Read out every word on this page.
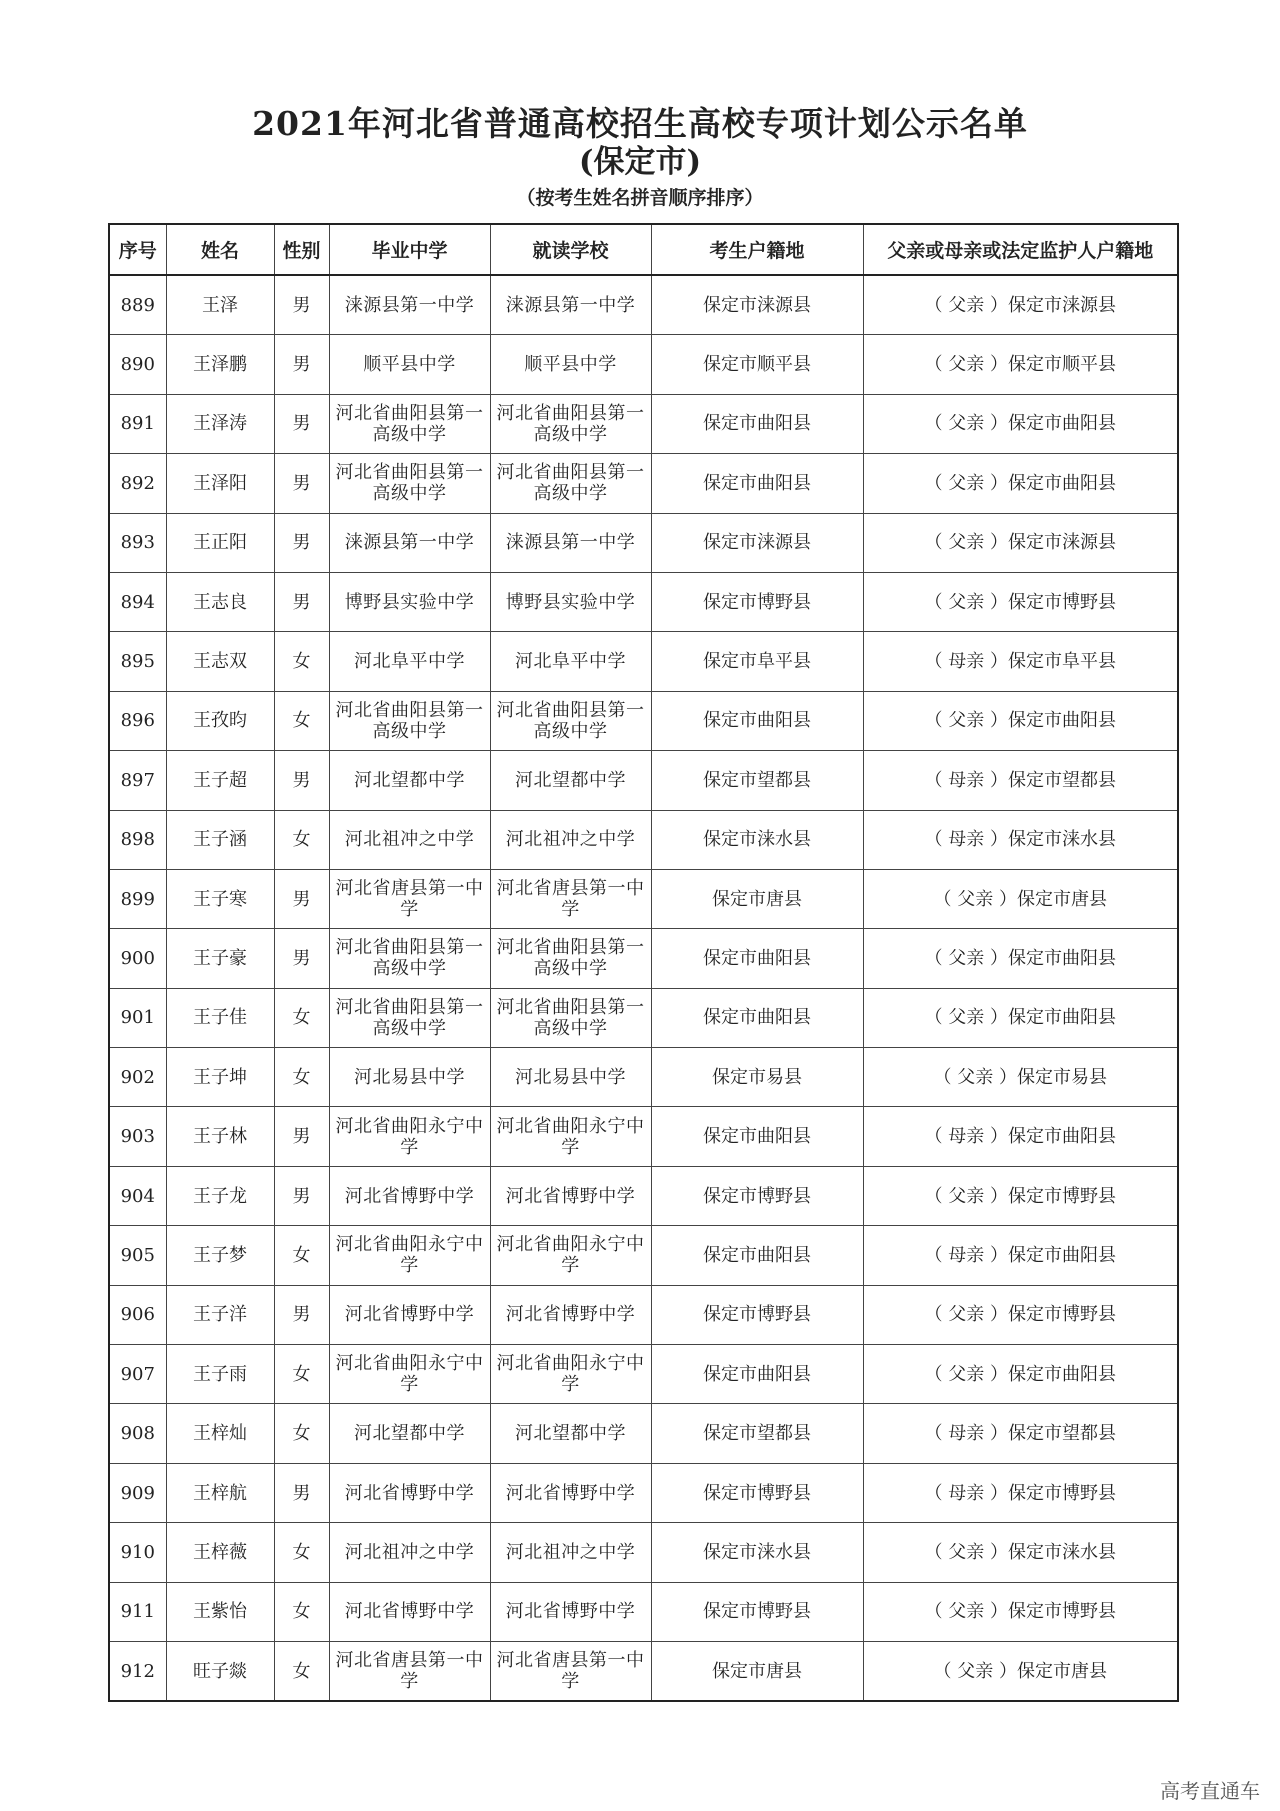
2021年河北省普通高校招生高校专项计划公示名单
(保定市)
（按考生姓名拼音顺序排序）
序号	姓名	性别	毕业中学	就读学校	考生户籍地	父亲或母亲或法定监护人户籍地
889	王泽	男	涞源县第一中学	涞源县第一中学	保定市涞源县	（ 父亲 ）保定市涞源县
890	王泽鹏	男	顺平县中学	顺平县中学	保定市顺平县	（ 父亲 ）保定市顺平县
891	王泽涛	男	河北省曲阳县第一高级中学	河北省曲阳县第一高级中学	保定市曲阳县	（ 父亲 ）保定市曲阳县
892	王泽阳	男	河北省曲阳县第一高级中学	河北省曲阳县第一高级中学	保定市曲阳县	（ 父亲 ）保定市曲阳县
893	王正阳	男	涞源县第一中学	涞源县第一中学	保定市涞源县	（ 父亲 ）保定市涞源县
894	王志良	男	博野县实验中学	博野县实验中学	保定市博野县	（ 父亲 ）保定市博野县
895	王志双	女	河北阜平中学	河北阜平中学	保定市阜平县	（ 母亲 ）保定市阜平县
896	王孜昀	女	河北省曲阳县第一高级中学	河北省曲阳县第一高级中学	保定市曲阳县	（ 父亲 ）保定市曲阳县
897	王子超	男	河北望都中学	河北望都中学	保定市望都县	（ 母亲 ）保定市望都县
898	王子涵	女	河北祖冲之中学	河北祖冲之中学	保定市涞水县	（ 母亲 ）保定市涞水县
899	王子寒	男	河北省唐县第一中学	河北省唐县第一中学	保定市唐县	（ 父亲 ）保定市唐县
900	王子豪	男	河北省曲阳县第一高级中学	河北省曲阳县第一高级中学	保定市曲阳县	（ 父亲 ）保定市曲阳县
901	王子佳	女	河北省曲阳县第一高级中学	河北省曲阳县第一高级中学	保定市曲阳县	（ 父亲 ）保定市曲阳县
902	王子坤	女	河北易县中学	河北易县中学	保定市易县	（ 父亲 ）保定市易县
903	王子林	男	河北省曲阳永宁中学	河北省曲阳永宁中学	保定市曲阳县	（ 母亲 ）保定市曲阳县
904	王子龙	男	河北省博野中学	河北省博野中学	保定市博野县	（ 父亲 ）保定市博野县
905	王子梦	女	河北省曲阳永宁中学	河北省曲阳永宁中学	保定市曲阳县	（ 母亲 ）保定市曲阳县
906	王子洋	男	河北省博野中学	河北省博野中学	保定市博野县	（ 父亲 ）保定市博野县
907	王子雨	女	河北省曲阳永宁中学	河北省曲阳永宁中学	保定市曲阳县	（ 父亲 ）保定市曲阳县
908	王梓灿	女	河北望都中学	河北望都中学	保定市望都县	（ 母亲 ）保定市望都县
909	王梓航	男	河北省博野中学	河北省博野中学	保定市博野县	（ 母亲 ）保定市博野县
910	王梓薇	女	河北祖冲之中学	河北祖冲之中学	保定市涞水县	（ 父亲 ）保定市涞水县
911	王紫怡	女	河北省博野中学	河北省博野中学	保定市博野县	（ 父亲 ）保定市博野县
912	旺子燚	女	河北省唐县第一中学	河北省唐县第一中学	保定市唐县	（ 父亲 ）保定市唐县
高考直通车
